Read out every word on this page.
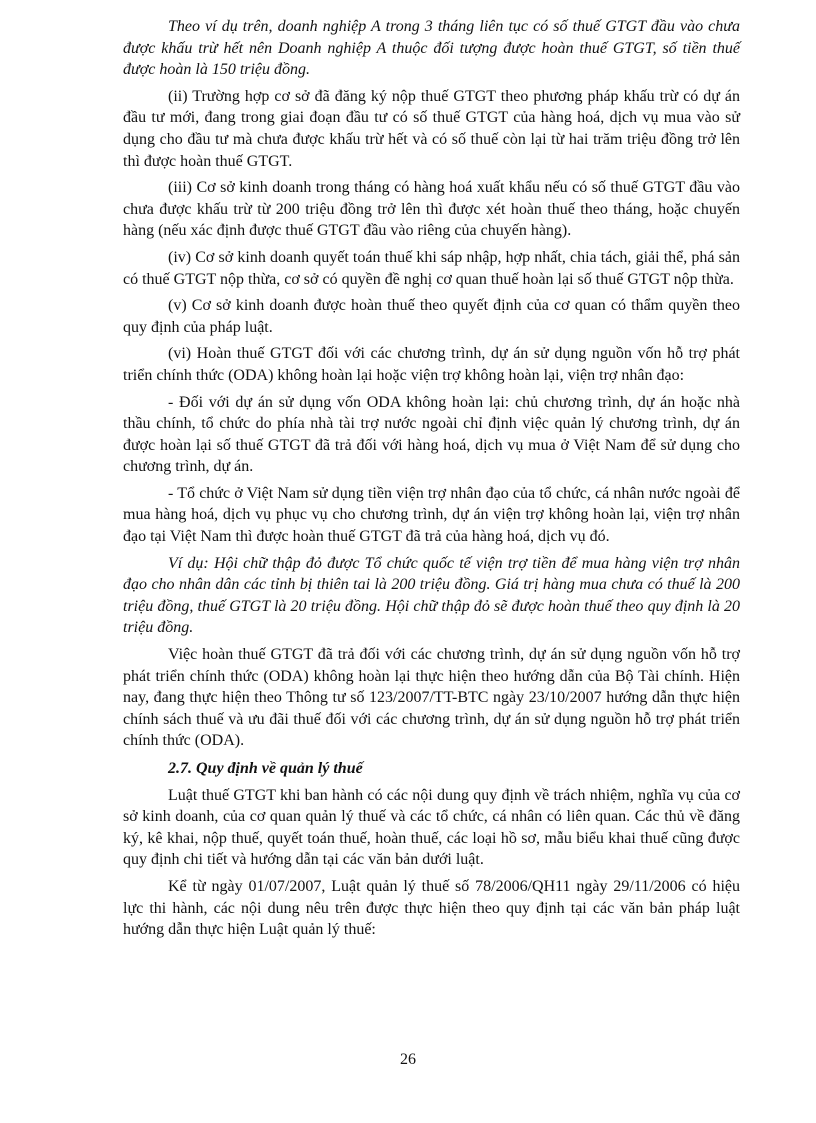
Theo ví dụ trên, doanh nghiệp A trong 3 tháng liên tục có số thuế GTGT đầu vào chưa được khấu trừ hết nên Doanh nghiệp A thuộc đối tượng được hoàn thuế GTGT, số tiền thuế được hoàn là 150 triệu đồng.

(ii) Trường hợp cơ sở đã đăng ký nộp thuế GTGT theo phương pháp khấu trừ có dự án đầu tư mới, đang trong giai đoạn đầu tư có số thuế GTGT của hàng hoá, dịch vụ mua vào sử dụng cho đầu tư mà chưa được khấu trừ hết và có số thuế còn lại từ hai trăm triệu đồng trở lên thì được hoàn thuế GTGT.

(iii) Cơ sở kinh doanh trong tháng có hàng hoá xuất khẩu nếu có số thuế GTGT đầu vào chưa được khấu trừ từ 200 triệu đồng trở lên thì được xét hoàn thuế theo tháng, hoặc chuyến hàng (nếu xác định được thuế GTGT đầu vào riêng của chuyến hàng).

(iv) Cơ sở kinh doanh quyết toán thuế khi sáp nhập, hợp nhất, chia tách, giải thể, phá sản có thuế GTGT nộp thừa, cơ sở có quyền đề nghị cơ quan thuế hoàn lại số thuế GTGT nộp thừa.

(v) Cơ sở kinh doanh được hoàn thuế theo quyết định của cơ quan có thẩm quyền theo quy định của pháp luật.

(vi) Hoàn thuế GTGT đối với các chương trình, dự án sử dụng nguồn vốn hỗ trợ phát triển chính thức (ODA) không hoàn lại hoặc viện trợ không hoàn lại, viện trợ nhân đạo:

- Đối với dự án sử dụng vốn ODA không hoàn lại: chủ chương trình, dự án hoặc nhà thầu chính, tổ chức do phía nhà tài trợ nước ngoài chỉ định việc quản lý chương trình, dự án được hoàn lại số thuế GTGT đã trả đối với hàng hoá, dịch vụ mua ở Việt Nam để sử dụng cho chương trình, dự án.

- Tổ chức ở Việt Nam sử dụng tiền viện trợ nhân đạo của tổ chức, cá nhân nước ngoài để mua hàng hoá, dịch vụ phục vụ cho chương trình, dự án viện trợ không hoàn lại, viện trợ nhân đạo tại Việt Nam thì được hoàn thuế GTGT đã trả của hàng hoá, dịch vụ đó.

Ví dụ: Hội chữ thập đỏ được Tổ chức quốc tế viện trợ tiền để mua hàng viện trợ nhân đạo cho nhân dân các tỉnh bị thiên tai là 200 triệu đồng. Giá trị hàng mua chưa có thuế là 200 triệu đồng, thuế GTGT là 20 triệu đồng. Hội chữ thập đỏ sẽ được hoàn thuế theo quy định là 20 triệu đồng.

Việc hoàn thuế GTGT đã trả đối với các chương trình, dự án sử dụng nguồn vốn hỗ trợ phát triển chính thức (ODA) không hoàn lại thực hiện theo hướng dẫn của Bộ Tài chính. Hiện nay, đang thực hiện theo Thông tư số 123/2007/TT-BTC ngày 23/10/2007 hướng dẫn thực hiện chính sách thuế và ưu đãi thuế đối với các chương trình, dự án sử dụng nguồn hỗ trợ phát triển chính thức (ODA).

2.7. Quy định về quản lý thuế

Luật thuế GTGT khi ban hành có các nội dung quy định về trách nhiệm, nghĩa vụ của cơ sở kinh doanh, của cơ quan quản lý thuế và các tổ chức, cá nhân có liên quan. Các thủ về đăng ký, kê khai, nộp thuế, quyết toán thuế, hoàn thuế, các loại hồ sơ, mẫu biểu khai thuế cũng được quy định chi tiết và hướng dẫn tại các văn bản dưới luật.

Kể từ ngày 01/07/2007, Luật quản lý thuế số 78/2006/QH11 ngày 29/11/2006 có hiệu lực thi hành, các nội dung nêu trên được thực hiện theo quy định tại các văn bản pháp luật hướng dẫn thực hiện Luật quản lý thuế:

26
